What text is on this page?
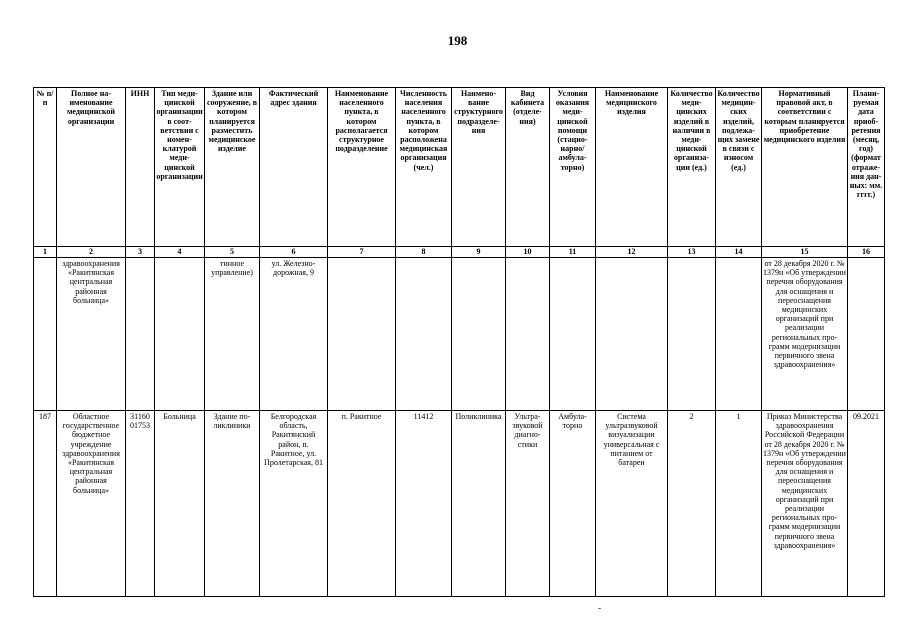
198
№ п/п	Полное наименование медицинской организации	ИНН	Тип медицинской организации в соответствии с номенклатурой медицинской организации	Здание или сооружение, в котором планируется разместить медицинское изделие	Фактический адрес здания	Наименование населенного пункта, в котором располагается структурное подразделение	Численность населения населенного пункта, в котором расположена медицинская организация (чел.)	Наименование структурного подразделения	Вид кабинета (отделения)	Условия оказания медицинской помощи (стационарно/ амбулаторно)	Наименование медицинского изделия	Количество медицинских изделий в наличии в медицинской организации (ед.)	Количество медицинских изделий, подлежащих замене в связи с износом (ед.)	Нормативный правовой акт, в соответствии с которым планируется приобретение медицинского изделия	Планируемая дата приобретения (месяц, год) (формат отражения данных: мм. гггг.)
1	2	3	4	5	6	7	8	9	10	11	12	13	14	15	16
	здравоохранения «Ракитянская центральная районная больница»			тинное управление)	ул. Железнодорожная, 9									от 28 декабря 2020 г. № 1379н «Об утверждении перечня оборудования для оснащения и переоснащения медицинских организаций при реализации региональных программ модернизации первичного звена здравоохранения»	
187	Областное государственное бюджетное учреждение здравоохранения «Ракитянская центральная районная больница»	31160 01753	Больница	Здание поликлиники	Белгородская область, Ракитянский район, п. Ракитное, ул. Пролетарская, 81	п. Ракитное	11412	Поликлиника	Ультразвуковой диагностики	Амбулаторно	Система ультразвуковой визуализации универсальная с питанием от батареи	2	1	Приказ Министерства здравоохранения Российской Федерации от 28 декабря 2020 г. № 1379н «Об утверждении перечня оборудования для оснащения и переоснащения медицинских организаций при реализации региональных программ модернизации первичного звена здравоохранения»	09.2021
